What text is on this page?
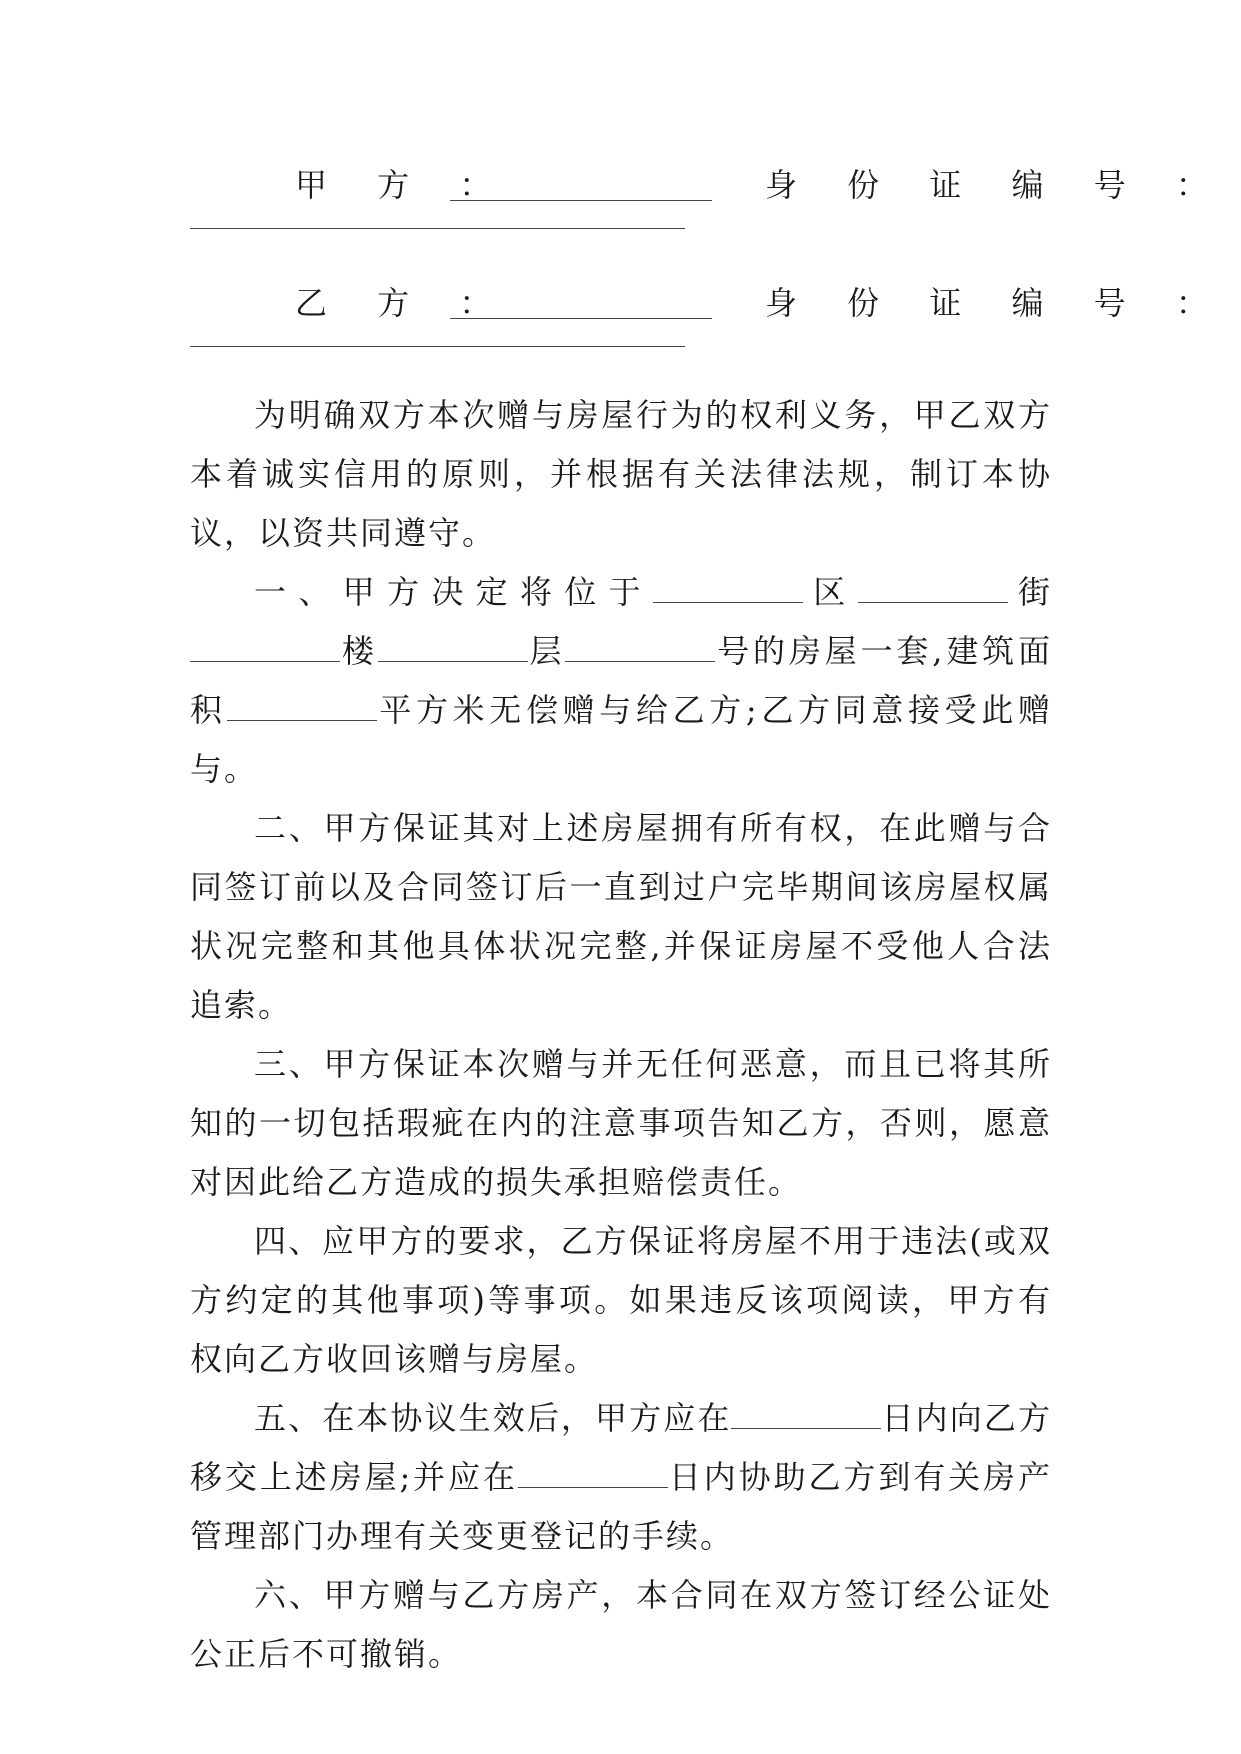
甲 方 ：	身 份 证 编 号 ：
乙 方 ：	身 份 证 编 号 ：

为明确双方本次赠与房屋行为的权利义务，甲乙双方本着诚实信用的原则，并根据有关法律法规，制订本协议，以资共同遵守。

一、甲方决定将位于	区	街楼	层	号的房屋一套,建筑面积	平方米无偿赠与给乙方;乙方同意接受此赠与。

二、甲方保证其对上述房屋拥有所有权，在此赠与合同签订前以及合同签订后一直到过户完毕期间该房屋权属状况完整和其他具体状况完整,并保证房屋不受他人合法追索。

三、甲方保证本次赠与并无任何恶意，而且已将其所知的一切包括瑕疵在内的注意事项告知乙方，否则，愿意对因此给乙方造成的损失承担赔偿责任。

四、应甲方的要求，乙方保证将房屋不用于违法(或双方约定的其他事项)等事项。如果违反该项阅读，甲方有权向乙方收回该赠与房屋。

五、在本协议生效后，甲方应在	日内向乙方移交上述房屋;并应在	日内协助乙方到有关房产管理部门办理有关变更登记的手续。

六、甲方赠与乙方房产，本合同在双方签订经公证处公正后不可撤销。
